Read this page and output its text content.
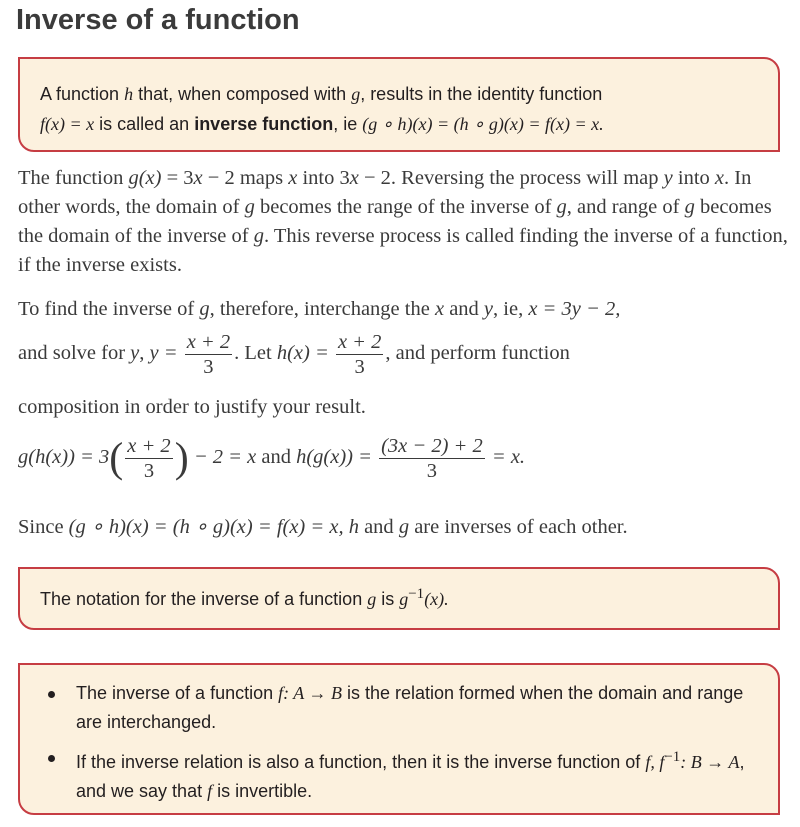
Inverse of a function
A function h that, when composed with g, results in the identity function
f(x) = x is called an inverse function, ie (g ∘ h)(x) = (h ∘ g)(x) = f(x) = x.
The function g(x) = 3x − 2 maps x into 3x − 2. Reversing the process will map y into x. In other words, the domain of g becomes the range of the inverse of g, and range of g becomes the domain of the inverse of g. This reverse process is called finding the inverse of a function, if the inverse exists.
To find the inverse of g, therefore, interchange the x and y, ie, x = 3y − 2,
and solve for y, $y = \frac{x + 2}{3}$ . Let $h(x) = \frac{x + 2}{3}$ , and perform function
composition in order to justify your result.
$g(h(x)) = 3( \frac{x + 2}{3}$ ) − 2 = x and $h(g(x)) = \frac{(3x - 2) + 2}{3} = x$.
Since (g ∘ h)(x) = (h ∘ g)(x) = f(x) = x, h and g are inverses of each other.
The notation for the inverse of a function g is $g^{-1}(x)$.
The inverse of a function f: A → B is the relation formed when the domain and range are interchanged.
If the inverse relation is also a function, then it is the inverse function of f, $f^{-1}$: B → A, and we say that f is invertible.
